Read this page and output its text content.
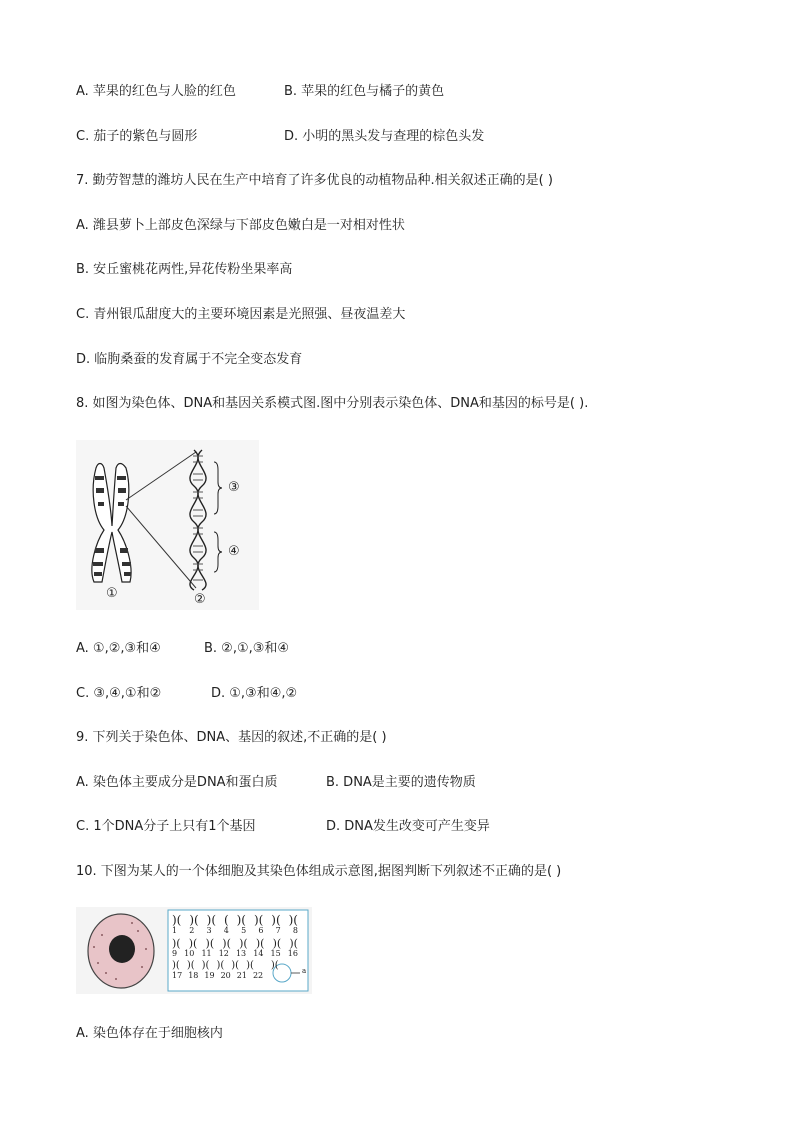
A. 苹果的红色与人脸的红色	B. 苹果的红色与橘子的黄色
C. 茄子的紫色与圆形	D. 小明的黑头发与查理的棕色头发
7. 勤劳智慧的潍坊人民在生产中培育了许多优良的动植物品种.相关叙述正确的是( )
A. 潍县萝卜上部皮色深绿与下部皮色嫩白是一对相对性状
B. 安丘蜜桃花两性,异花传粉坐果率高
C. 青州银瓜甜度大的主要环境因素是光照强、昼夜温差大
D. 临朐桑蚕的发育属于不完全变态发育
8. 如图为染色体、DNA和基因关系模式图.图中分别表示染色体、DNA和基因的标号是( ).
③
④
①	②
A. ①,②,③和④	B. ②,①,③和④
C. ③,④,①和②	D. ①,③和④,②
9. 下列关于染色体、DNA、基因的叙述,不正确的是( )
A. 染色体主要成分是DNA和蛋白质	B. DNA是主要的遗传物质
C. 1个DNA分子上只有1个基因	D. DNA发生改变可产生变异
10. 下图为某人的一个体细胞及其染色体组成示意图,据图判断下列叙述不正确的是( )
)( )( )( ( )( )( )( )(
1 2 3 4 5 6 7 8
)( )( )( )( )( )( )( )(
9 10 11 12 13 14 15 16
)( )( )( )( )( )( )(
17 18 19 20 21 22	a
A. 染色体存在于细胞核内
